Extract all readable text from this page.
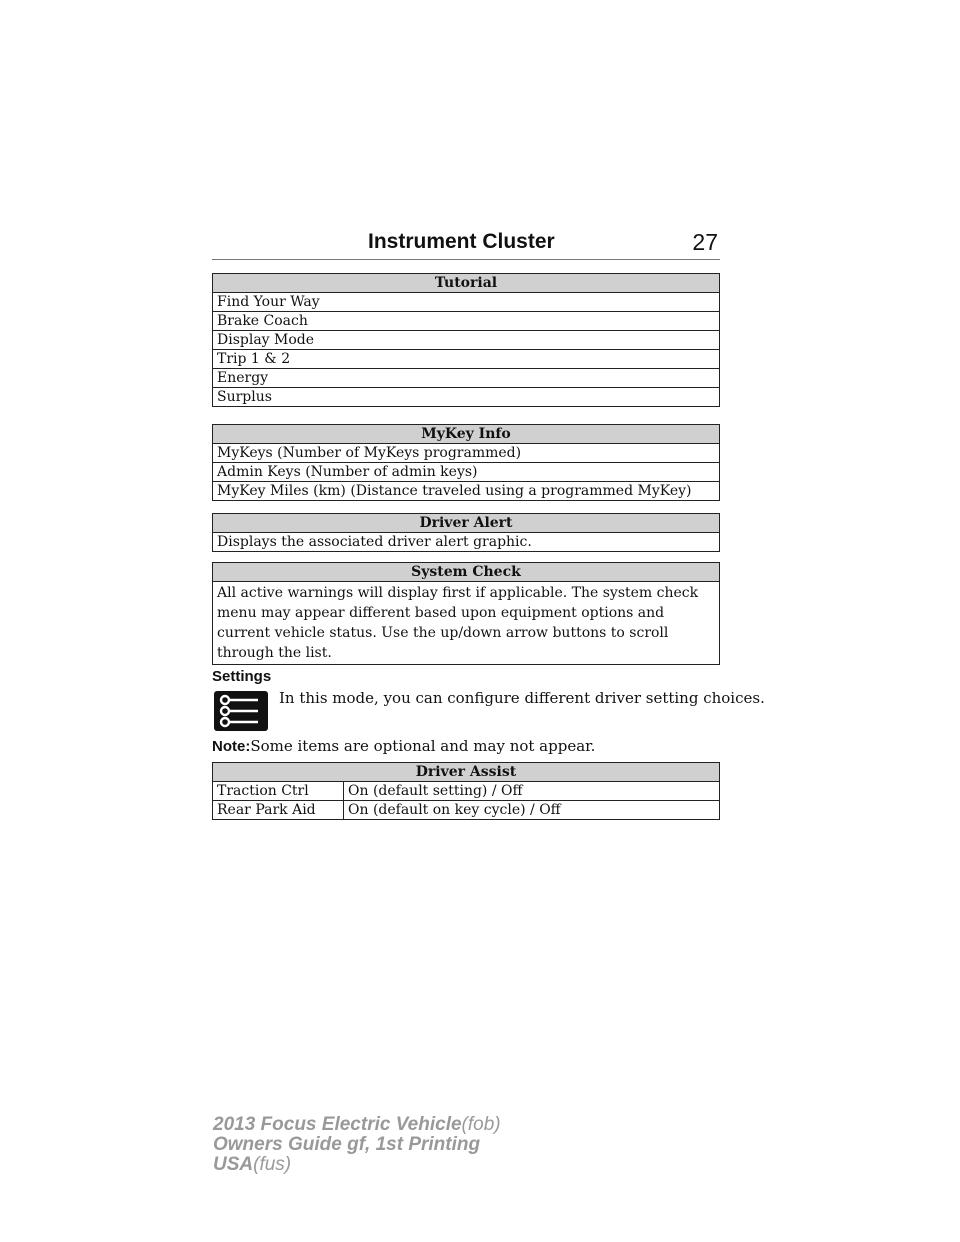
Instrument Cluster	27
Tutorial
Find Your Way
Brake Coach
Display Mode
Trip 1 & 2
Energy
Surplus
MyKey Info
MyKeys (Number of MyKeys programmed)
Admin Keys (Number of admin keys)
MyKey Miles (km) (Distance traveled using a programmed MyKey)
Driver Alert
Displays the associated driver alert graphic.
System Check
All active warnings will display first if applicable. The system check menu may appear different based upon equipment options and current vehicle status. Use the up/down arrow buttons to scroll through the list.
Settings
In this mode, you can configure different driver setting choices.
Note:Some items are optional and may not appear.
Driver Assist	
Traction Ctrl	On (default setting) / Off
Rear Park Aid	On (default on key cycle) / Off
2013 Focus Electric Vehicle(fob)
Owners Guide gf, 1st Printing
USA(fus)
